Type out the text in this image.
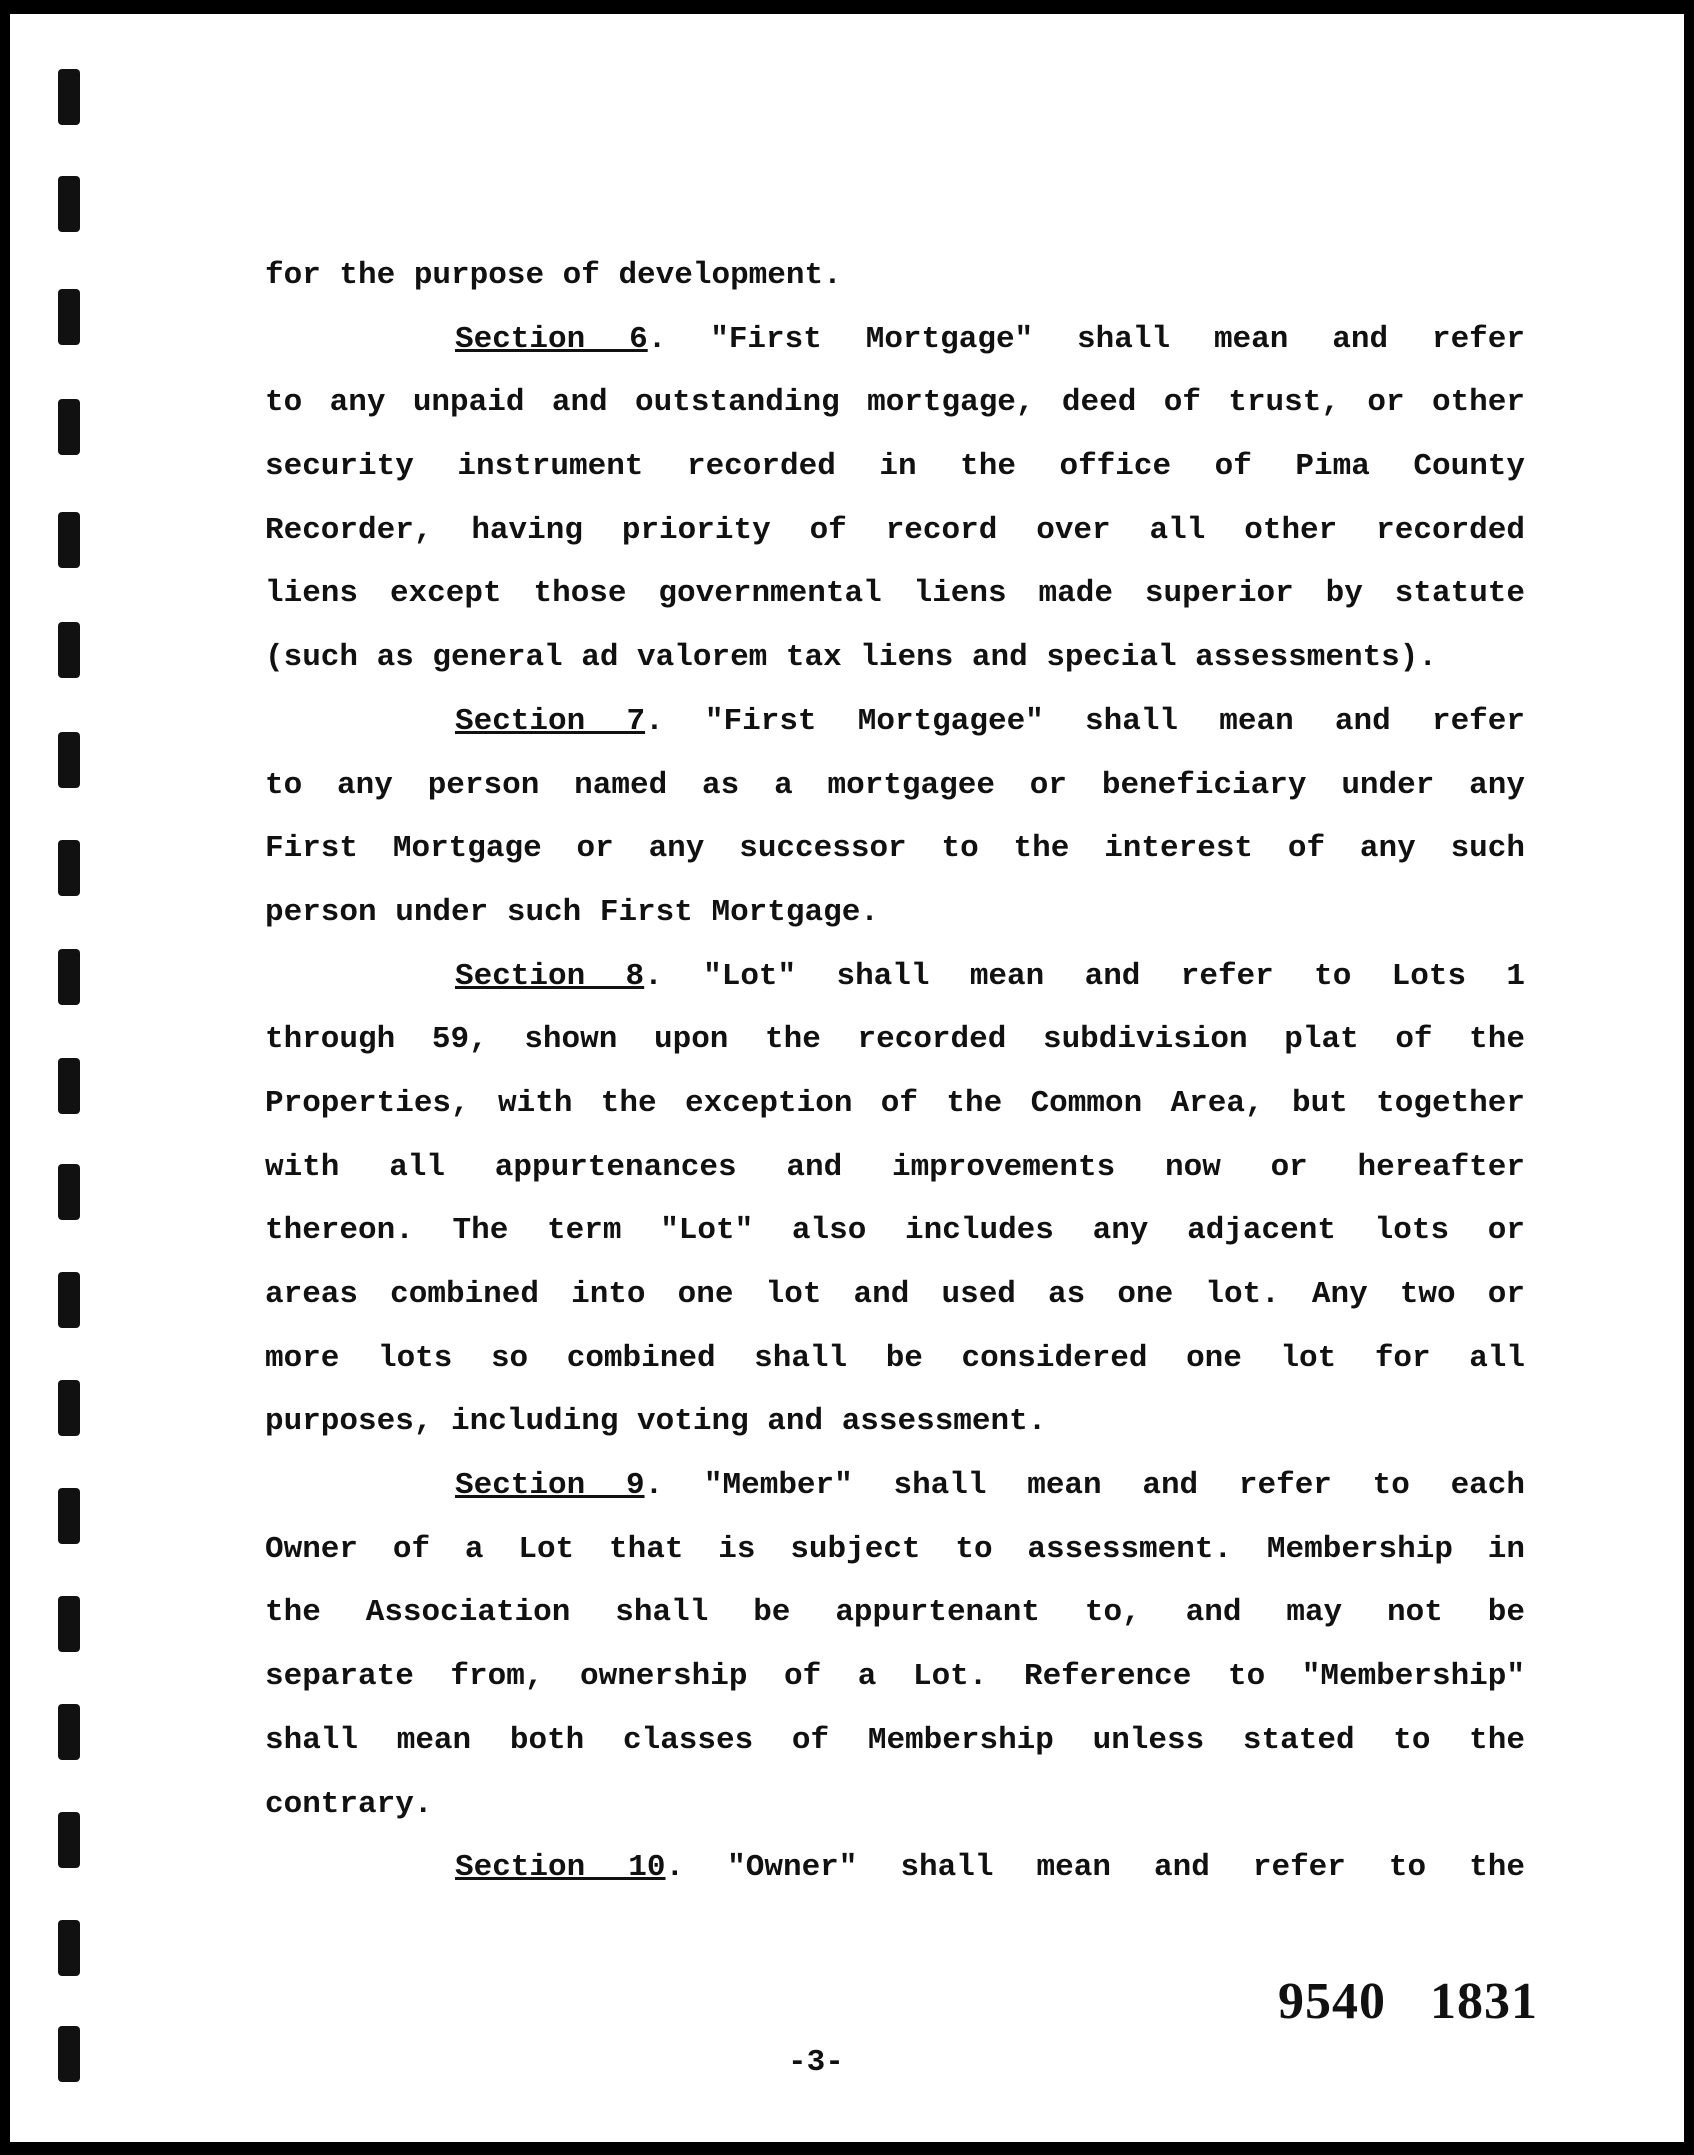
for the purpose of development.
Section 6. "First Mortgage" shall mean and refer
to any unpaid and outstanding mortgage, deed of trust, or other
security instrument recorded in the office of Pima County
Recorder, having priority of record over all other recorded
liens except those governmental liens made superior by statute
(such as general ad valorem tax liens and special assessments).
Section 7. "First Mortgagee" shall mean and refer
to any person named as a mortgagee or beneficiary under any
First Mortgage or any successor to the interest of any such
person under such First Mortgage.
Section 8. "Lot" shall mean and refer to Lots 1
through 59, shown upon the recorded subdivision plat of the
Properties, with the exception of the Common Area, but together
with all appurtenances and improvements now or hereafter
thereon. The term "Lot" also includes any adjacent lots or
areas combined into one lot and used as one lot. Any two or
more lots so combined shall be considered one lot for all
purposes, including voting and assessment.
Section 9. "Member" shall mean and refer to each
Owner of a Lot that is subject to assessment. Membership in
the Association shall be appurtenant to, and may not be
separate from, ownership of a Lot. Reference to "Membership"
shall mean both classes of Membership unless stated to the
contrary.
Section 10. "Owner" shall mean and refer to the
9540 1831
-3-
